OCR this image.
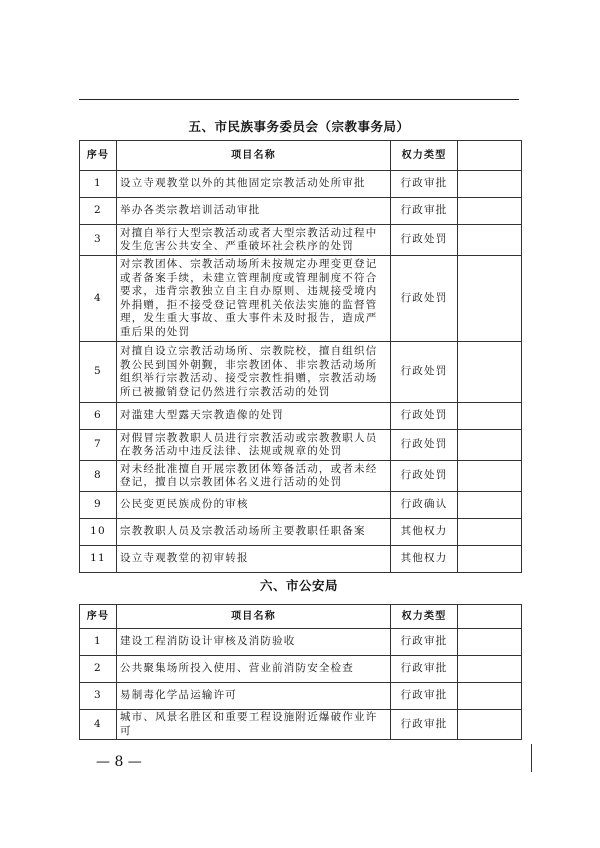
五、市民族事务委员会（宗教事务局）
序号	项目名称	权力类型	
1	设立寺观教堂以外的其他固定宗教活动处所审批	行政审批	
2	举办各类宗教培训活动审批	行政审批	
3	对擅自举行大型宗教活动或者大型宗教活动过程中发生危害公共安全、严重破坏社会秩序的处罚	行政处罚	
4	对宗教团体、宗教活动场所未按规定办理变更登记或者备案手续，未建立管理制度或管理制度不符合要求，违背宗教独立自主自办原则、违规接受境内外捐赠，拒不接受登记管理机关依法实施的监督管理，发生重大事故、重大事件未及时报告，造成严重后果的处罚	行政处罚	
5	对擅自设立宗教活动场所、宗教院校，擅自组织信教公民到国外朝觐，非宗教团体、非宗教活动场所组织举行宗教活动、接受宗教性捐赠，宗教活动场所已被撤销登记仍然进行宗教活动的处罚	行政处罚	
6	对滥建大型露天宗教造像的处罚	行政处罚	
7	对假冒宗教教职人员进行宗教活动或宗教教职人员在教务活动中违反法律、法规或规章的处罚	行政处罚	
8	对未经批准擅自开展宗教团体筹备活动，或者未经登记，擅自以宗教团体名义进行活动的处罚	行政处罚	
9	公民变更民族成份的审核	行政确认	
10	宗教教职人员及宗教活动场所主要教职任职备案	其他权力	
11	设立寺观教堂的初审转报	其他权力	
六、市公安局
序号	项目名称	权力类型	
1	建设工程消防设计审核及消防验收	行政审批	
2	公共聚集场所投入使用、营业前消防安全检查	行政审批	
3	易制毒化学品运输许可	行政审批	
4	城市、风景名胜区和重要工程设施附近爆破作业许可	行政审批	
— 8 —
